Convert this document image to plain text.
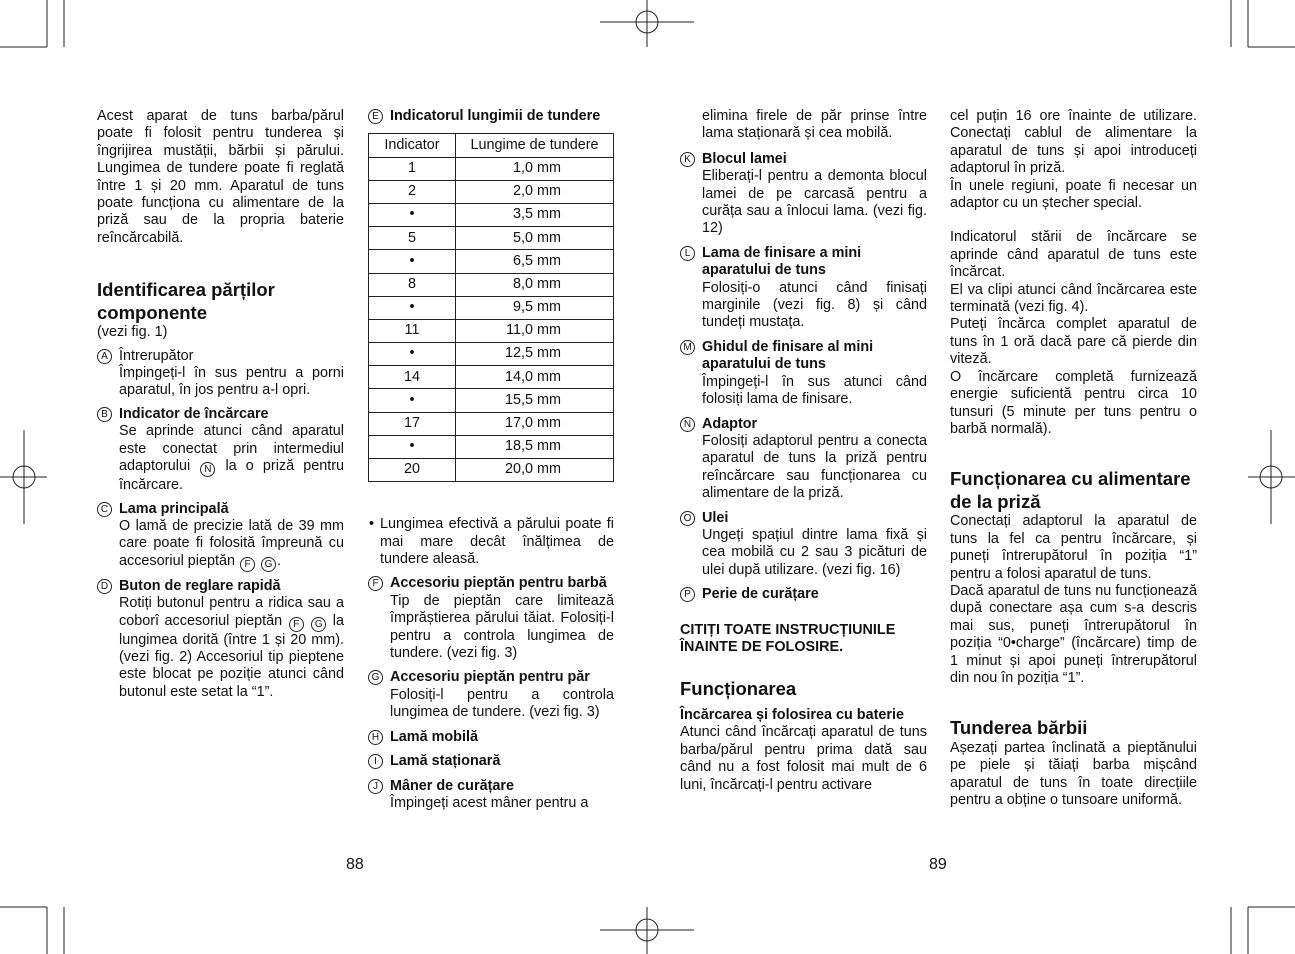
Acest aparat de tuns barba/părul poate fi folosit pentru tunderea și îngrijirea mustății, bărbii și părului. Lungimea de tundere poate fi reglată între 1 și 20 mm. Aparatul de tuns poate funcționa cu alimentare de la priză sau de la propria baterie reîncărcabilă.

Identificarea părților componente

(vezi fig. 1)

A Întrerupător
Împingeți-l în sus pentru a porni aparatul, în jos pentru a-l opri.
B Indicator de încărcare
Se aprinde atunci când aparatul este conectat prin intermediul adaptorului N la o priză pentru încărcare.
C Lama principală
O lamă de precizie lată de 39 mm care poate fi folosită împreună cu accesoriul pieptăn F G .
D Buton de reglare rapidă
Rotiți butonul pentru a ridica sau a coborî accesoriul pieptăn F G la lungimea dorită (între 1 și 20 mm). (vezi fig. 2) Accesoriul tip pieptene este blocat pe poziție atunci când butonul este setat la “1”.
E Indicatorul lungimii de tundere
Indicator	Lungime de tundere
1	1,0 mm
2	2,0 mm
•	3,5 mm
5	5,0 mm
•	6,5 mm
8	8,0 mm
•	9,5 mm
11	11,0 mm
•	12,5 mm
14	14,0 mm
•	15,5 mm
17	17,0 mm
•	18,5 mm
20	20,0 mm
• Lungimea efectivă a părului poate fi mai mare decât înălțimea de tundere aleasă.
F Accesoriu pieptăn pentru barbă
Tip de pieptăn care limitează împrăștierea părului tăiat. Folosiți-l pentru a controla lungimea de tundere. (vezi fig. 3)
G Accesoriu pieptăn pentru păr
Folosiți-l pentru a controla lungimea de tundere. (vezi fig. 3)
H Lamă mobilă
I Lamă staționară
J Mâner de curățare
Împingeți acest mâner pentru a

elimina firele de păr prinse între lama staționară și cea mobilă.

K Blocul lamei
Eliberați-l pentru a demonta blocul lamei de pe carcasă pentru a curăța sau a înlocui lama. (vezi fig. 12)
L Lama de finisare a mini aparatului de tuns
Folosiți-o atunci când finisați marginile (vezi fig. 8) și când tundeți mustața.
M Ghidul de finisare al mini aparatului de tuns
Împingeți-l în sus atunci când folosiți lama de finisare.
N Adaptor
Folosiți adaptorul pentru a conecta aparatul de tuns la priză pentru reîncărcare sau funcționarea cu alimentare de la priză.
O Ulei
Ungeți spațiul dintre lama fixă și cea mobilă cu 2 sau 3 picături de ulei după utilizare. (vezi fig. 16)
P Perie de curățare

CITIȚI TOATE INSTRUCȚIUNILE ÎNAINTE DE FOLOSIRE.

Funcționarea

Încărcarea și folosirea cu baterie

Atunci când încărcați aparatul de tuns barba/părul pentru prima dată sau când nu a fost folosit mai mult de 6 luni, încărcați-l pentru activare

cel puțin 16 ore înainte de utilizare. Conectați cablul de alimentare la aparatul de tuns și apoi introduceți adaptorul în priză.

În unele regiuni, poate fi necesar un adaptor cu un ștecher special.

Indicatorul stării de încărcare se aprinde când aparatul de tuns este încărcat.

El va clipi atunci când încărcarea este terminată (vezi fig. 4).

Puteți încărca complet aparatul de tuns în 1 oră dacă pare că pierde din viteză.

O încărcare completă furnizează energie suficientă pentru circa 10 tunsuri (5 minute per tuns pentru o barbă normală).

Funcționarea cu alimentare de la priză

Conectați adaptorul la aparatul de tuns la fel ca pentru încărcare, și puneți întrerupătorul în poziția “1” pentru a folosi aparatul de tuns.

Dacă aparatul de tuns nu funcționează după conectare așa cum s-a descris mai sus, puneți întrerupătorul în poziția “0•charge” (încărcare) timp de 1 minut și apoi puneți întrerupătorul din nou în poziția “1”.

Tunderea bărbii

Așezați partea înclinată a pieptănului pe piele și tăiați barba mișcând aparatul de tuns în toate direcțiile pentru a obține o tunsoare uniformă.

88	89
